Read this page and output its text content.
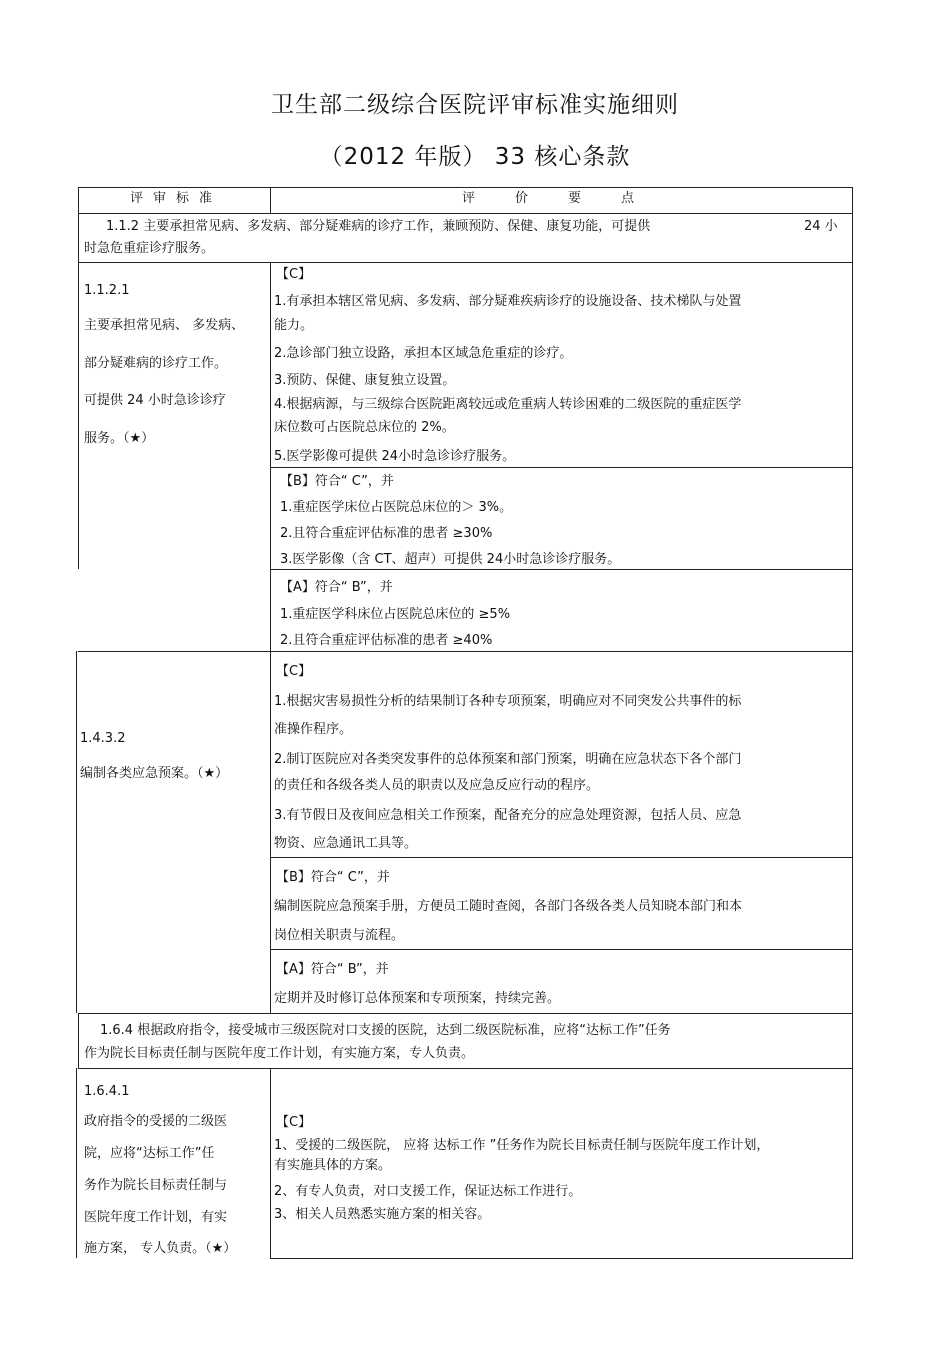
卫生部二级综合医院评审标准实施细则
（2012 年版） 33 核心条款
评审标准	评价要点
1.1.2 主要承担常见病、多发病、部分疑难病的诊疗工作，兼顾预防、保健、康复功能，可提供	24 小
时急危重症诊疗服务。
1.1.2.1
主要承担常见病、 多发病、
部分疑难病的诊疗工作。
可提供 24 小时急诊诊疗
服务。（★）
【C】
1.有承担本辖区常见病、多发病、部分疑难疾病诊疗的设施设备、技术梯队与处置
能力。
2.急诊部门独立设路，承担本区域急危重症的诊疗。
3.预防、保健、康复独立设置。
4.根据病源，与三级综合医院距离较远或危重病人转诊困难的二级医院的重症医学
床位数可占医院总床位的 2%。
5.医学影像可提供 24小时急诊诊疗服务。
【B】符合“ C”，并
1.重症医学床位占医院总床位的＞ 3%。
2.且符合重症评估标准的患者 ≥30%
3.医学影像（含 CT、超声）可提供 24小时急诊诊疗服务。
【A】符合“ B”，并
1.重症医学科床位占医院总床位的 ≥5%
2.且符合重症评估标准的患者 ≥40%
1.4.3.2
编制各类应急预案。（★）
【C】
1.根据灾害易损性分析的结果制订各种专项预案，明确应对不同突发公共事件的标
准操作程序。
2.制订医院应对各类突发事件的总体预案和部门预案，明确在应急状态下各个部门
的责任和各级各类人员的职责以及应急反应行动的程序。
3.有节假日及夜间应急相关工作预案，配备充分的应急处理资源，包括人员、应急
物资、应急通讯工具等。
【B】符合“ C”，并
编制医院应急预案手册，方便员工随时查阅，各部门各级各类人员知晓本部门和本
岗位相关职责与流程。
【A】符合“ B”，并
定期并及时修订总体预案和专项预案，持续完善。
1.6.4 根据政府指令，接受城市三级医院对口支援的医院，达到二级医院标准，应将“达标工作”任务
作为院长目标责任制与医院年度工作计划，有实施方案，专人负责。
1.6.4.1
政府指令的受援的二级医
院，应将“达标工作”任
务作为院长目标责任制与
医院年度工作计划，有实
施方案， 专人负责。（★）
【C】
1、受援的二级医院， 应将 达标工作 ”任务作为院长目标责任制与医院年度工作计划，
有实施具体的方案。
2、有专人负责，对口支援工作，保证达标工作进行。
3、相关人员熟悉实施方案的相关容。
